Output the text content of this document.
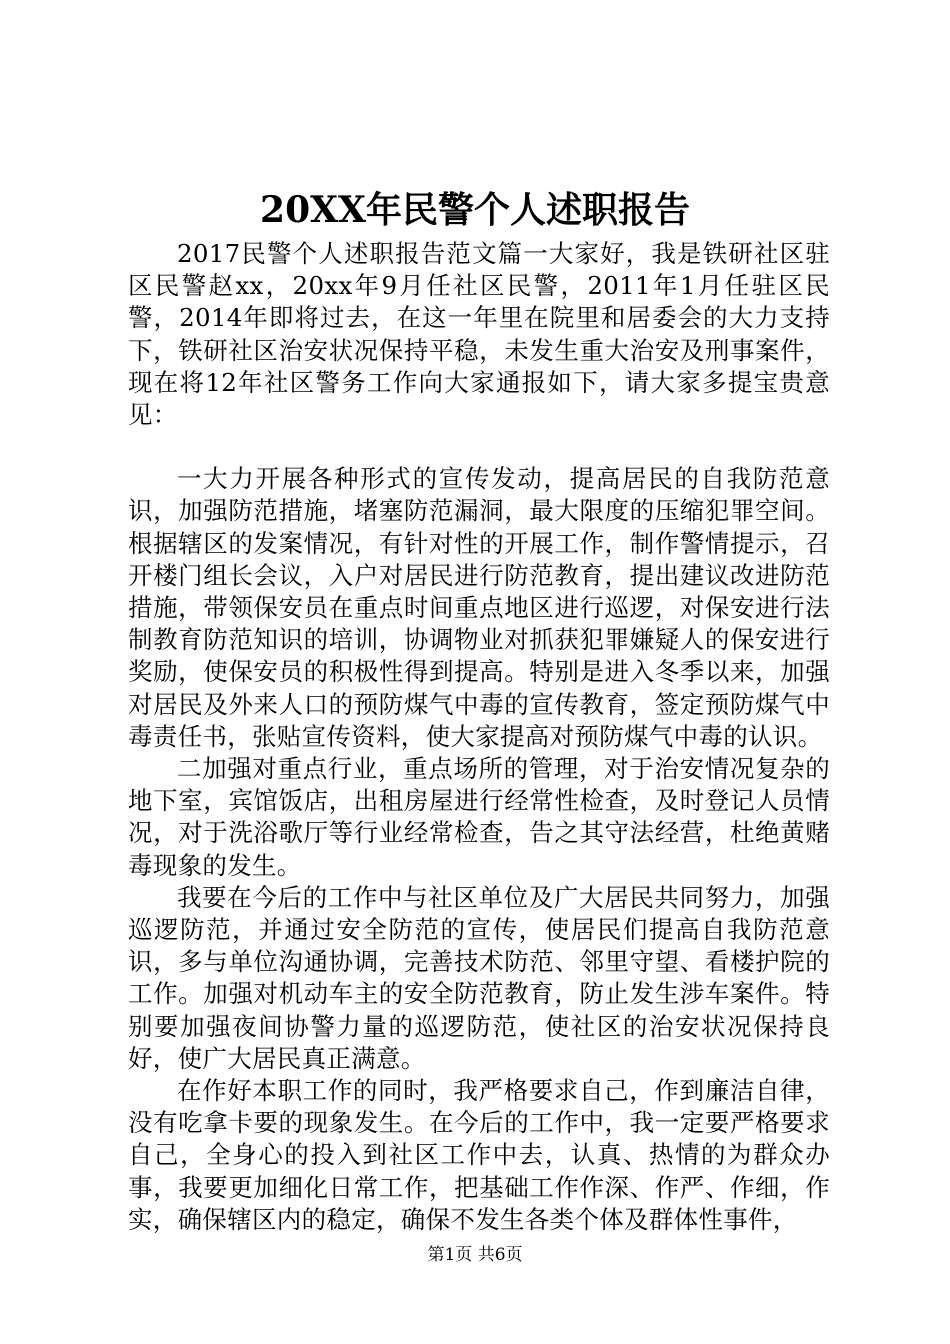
20XX年民警个人述职报告

2017民警个人述职报告范文篇一大家好，我是铁研社区驻区民警赵xx，20xx年9月任社区民警，2011年1月任驻区民警，2014年即将过去，在这一年里在院里和居委会的大力支持下，铁研社区治安状况保持平稳，未发生重大治安及刑事案件，现在将12年社区警务工作向大家通报如下，请大家多提宝贵意见：

一大力开展各种形式的宣传发动，提高居民的自我防范意识，加强防范措施，堵塞防范漏洞，最大限度的压缩犯罪空间。根据辖区的发案情况，有针对性的开展工作，制作警情提示，召开楼门组长会议，入户对居民进行防范教育，提出建议改进防范措施，带领保安员在重点时间重点地区进行巡逻，对保安进行法制教育防范知识的培训，协调物业对抓获犯罪嫌疑人的保安进行奖励，使保安员的积极性得到提高。特别是进入冬季以来，加强对居民及外来人口的预防煤气中毒的宣传教育，签定预防煤气中毒责任书，张贴宣传资料，使大家提高对预防煤气中毒的认识。

二加强对重点行业，重点场所的管理，对于治安情况复杂的地下室，宾馆饭店，出租房屋进行经常性检查，及时登记人员情况，对于洗浴歌厅等行业经常检查，告之其守法经营，杜绝黄赌毒现象的发生。

我要在今后的工作中与社区单位及广大居民共同努力，加强巡逻防范，并通过安全防范的宣传，使居民们提高自我防范意识，多与单位沟通协调，完善技术防范、邻里守望、看楼护院的工作。加强对机动车主的安全防范教育，防止发生涉车案件。特别要加强夜间协警力量的巡逻防范，使社区的治安状况保持良好，使广大居民真正满意。

在作好本职工作的同时，我严格要求自己，作到廉洁自律，没有吃拿卡要的现象发生。在今后的工作中，我一定要严格要求自己，全身心的投入到社区工作中去，认真、热情的为群众办事，我要更加细化日常工作，把基础工作作深、作严、作细，作实，确保辖区内的稳定，确保不发生各类个体及群体性事件，

第1页 共6页
